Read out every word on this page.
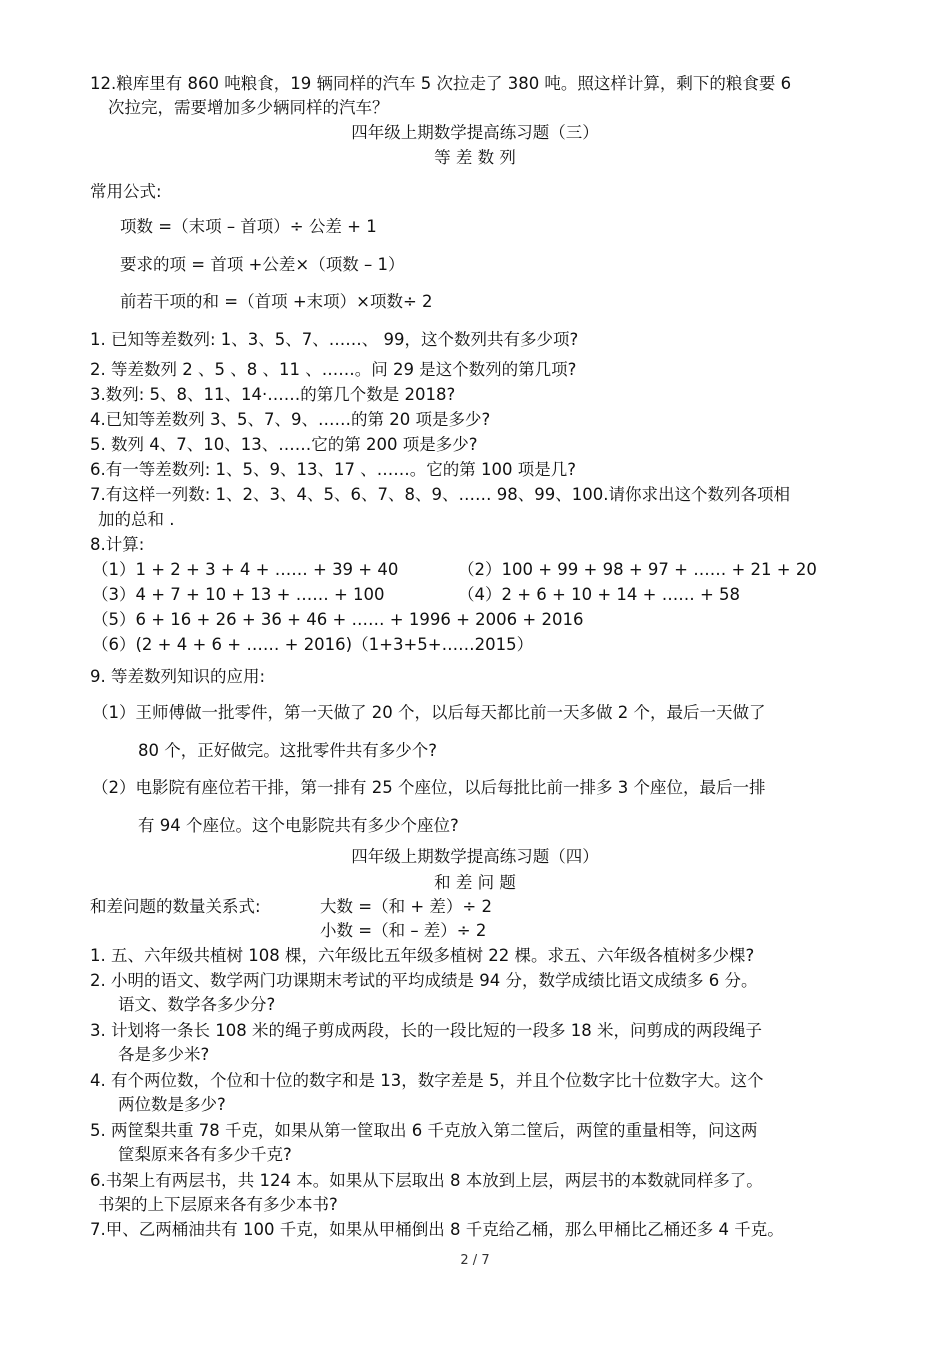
12.粮库里有 860 吨粮食，19 辆同样的汽车 5 次拉走了 380 吨。照这样计算，剩下的粮食要 6
次拉完，需要增加多少辆同样的汽车？
四年级上期数学提高练习题（三）
等 差 数 列
常用公式:
项数 =（末项 – 首项）÷ 公差 + 1
要求的项 = 首项 +公差×（项数 – 1）
前若干项的和 =（首项 +末项）×项数÷ 2
1. 已知等差数列: 1、3、5、7、……、 99，这个数列共有多少项?
2. 等差数列 2 、5 、8 、11 、……。问 29 是这个数列的第几项?
3.数列: 5、8、11、14·……的第几个数是 2018?
4.已知等差数列 3、5、7、9、……的第 20 项是多少?
5. 数列 4、7、10、13、……它的第 200 项是多少?
6.有一等差数列: 1、5、9、13、17 、……。它的第 100 项是几?
7.有这样一列数: 1、2、3、4、5、6、7、8、9、…… 98、99、100.请你求出这个数列各项相
加的总和 .
8.计算:
（1）1 + 2 + 3 + 4 + …… + 39 + 40	（2）100 + 99 + 98 + 97 + …… + 21 + 20
（3）4 + 7 + 10 + 13 + …… + 100	（4）2 + 6 + 10 + 14 + …… + 58
（5）6 + 16 + 26 + 36 + 46 + …… + 1996 + 2006 + 2016
（6）(2 + 4 + 6 + …… + 2016)（1+3+5+……2015）
9. 等差数列知识的应用:
（1）王师傅做一批零件，第一天做了 20 个，以后每天都比前一天多做 2 个，最后一天做了
80 个，正好做完。这批零件共有多少个?
（2）电影院有座位若干排，第一排有 25 个座位，以后每批比前一排多 3 个座位，最后一排
有 94 个座位。这个电影院共有多少个座位?
四年级上期数学提高练习题（四）
和 差 问 题
和差问题的数量关系式:	大数 =（和 + 差）÷ 2
小数 =（和 – 差）÷ 2
1. 五、六年级共植树 108 棵，六年级比五年级多植树 22 棵。求五、六年级各植树多少棵?
2. 小明的语文、数学两门功课期末考试的平均成绩是 94 分，数学成绩比语文成绩多 6 分。
语文、数学各多少分?
3. 计划将一条长 108 米的绳子剪成两段，长的一段比短的一段多 18 米，问剪成的两段绳子
各是多少米?
4. 有个两位数，个位和十位的数字和是 13，数字差是 5，并且个位数字比十位数字大。这个
两位数是多少?
5. 两筐梨共重 78 千克，如果从第一筐取出 6 千克放入第二筐后，两筐的重量相等，问这两
筐梨原来各有多少千克?
6.书架上有两层书，共 124 本。如果从下层取出 8 本放到上层，两层书的本数就同样多了。
书架的上下层原来各有多少本书?
7.甲、乙两桶油共有 100 千克，如果从甲桶倒出 8 千克给乙桶，那么甲桶比乙桶还多 4 千克。
2 / 7
